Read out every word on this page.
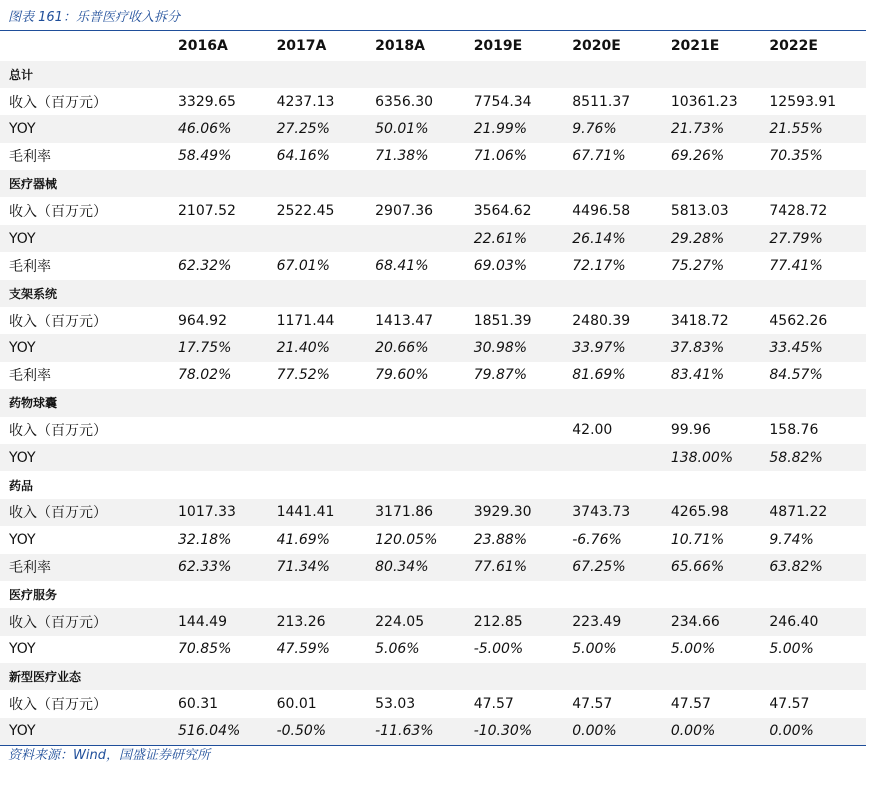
图表 161：乐普医疗收入拆分
	2016A	2017A	2018A	2019E	2020E	2021E	2022E
总计							
收入（百万元）	3329.65	4237.13	6356.30	7754.34	8511.37	10361.23	12593.91
YOY	46.06%	27.25%	50.01%	21.99%	9.76%	21.73%	21.55%
毛利率	58.49%	64.16%	71.38%	71.06%	67.71%	69.26%	70.35%
医疗器械							
收入（百万元）	2107.52	2522.45	2907.36	3564.62	4496.58	5813.03	7428.72
YOY				22.61%	26.14%	29.28%	27.79%
毛利率	62.32%	67.01%	68.41%	69.03%	72.17%	75.27%	77.41%
支架系统							
收入（百万元）	964.92	1171.44	1413.47	1851.39	2480.39	3418.72	4562.26
YOY	17.75%	21.40%	20.66%	30.98%	33.97%	37.83%	33.45%
毛利率	78.02%	77.52%	79.60%	79.87%	81.69%	83.41%	84.57%
药物球囊							
收入（百万元）					42.00	99.96	158.76
YOY						138.00%	58.82%
药品							
收入（百万元）	1017.33	1441.41	3171.86	3929.30	3743.73	4265.98	4871.22
YOY	32.18%	41.69%	120.05%	23.88%	-6.76%	10.71%	9.74%
毛利率	62.33%	71.34%	80.34%	77.61%	67.25%	65.66%	63.82%
医疗服务							
收入（百万元）	144.49	213.26	224.05	212.85	223.49	234.66	246.40
YOY	70.85%	47.59%	5.06%	-5.00%	5.00%	5.00%	5.00%
新型医疗业态							
收入（百万元）	60.31	60.01	53.03	47.57	47.57	47.57	47.57
YOY	516.04%	-0.50%	-11.63%	-10.30%	0.00%	0.00%	0.00%
资料来源：Wind，国盛证券研究所
